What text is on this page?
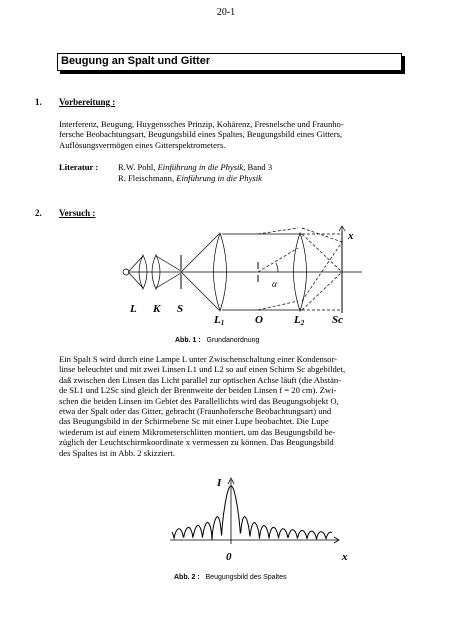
20-1
Beugung an Spalt und Gitter
1. Vorbereitung :
Interferenz, Beugung, Huygenssches Prinzip, Kohärenz, Fresnelsche und Fraunho-
fersche Beobachtungsart, Beugungsbild eines Spaltes, Beugungsbild eines Gitters,
Auflösungsvermögen eines Gitterspektrometers.
Literatur : R.W. Pohl, Einführung in die Physik, Band 3
R. Fleischmann, Einführung in die Physik
2. Versuch :
L K S
L1	O	L2	Sc
x
α
Abb. 1 : Grundanordnung
Ein Spalt S wird durch eine Lampe L unter Zwischenschaltung einer Kondensor-
linse beleuchtet und mit zwei Linsen L1 und L2 so auf einen Schirm Sc abgebildet,
daß zwischen den Linsen das Licht parallel zur optischen Achse läuft (die Abstän-
de SL1 und L2Sc sind gleich der Brennweite der beiden Linsen f = 20 cm). Zwi-
schen die beiden Linsen im Gebiet des Parallellichts wird das Beugungsobjekt O,
etwa der Spalt oder das Gitter, gebracht (Fraunhofersche Beobachtungsart) und
das Beugungsbild in der Schirmebene Sc mit einer Lupe beobachtet. Die Lupe
wiederum ist auf einem Mikrometerschlitten montiert, um das Beugungsbild be-
züglich der Leuchtschirmkoordinate x vermessen zu können. Das Beugungsbild
des Spaltes ist in Abb. 2 skizziert.
I
x
0
Abb. 2 : Beugungsbild des Spaltes
